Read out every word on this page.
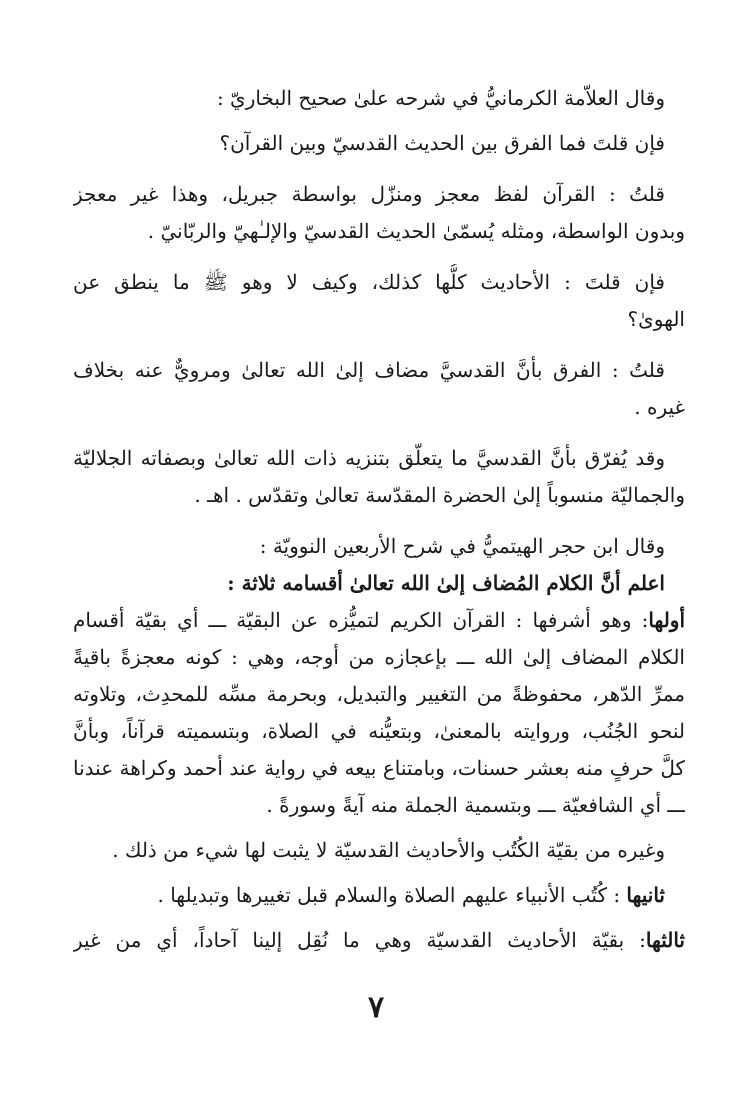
وقال العلاّمة الكرمانيُّ في شرحه علىٰ صحيح البخاريّ :

فإن قلتَ فما الفرق بين الحديث القدسيّ وبين القرآن؟

قلتُ : القرآن لفظ معجز ومنزّل بواسطة جبريل، وهذا غير معجز
وبدون الواسطة، ومثله يُسمّىٰ الحديث القدسيّ والإلـٰهيّ والربّانيّ .

فإن قلتَ : الأحاديث كلُّها كذلك، وكيف لا وهو ﷺ ما ينطق عن
الهوىٰ؟

قلتُ : الفرق بأنَّ القدسيَّ مضاف إلىٰ الله تعالىٰ ومرويٌّ عنه بخلاف
غيره .

وقد يُفرّق بأنَّ القدسيَّ ما يتعلّق بتنزيه ذات الله تعالىٰ وبصفاته الجلاليّة
والجماليّة منسوباً إلىٰ الحضرة المقدّسة تعالىٰ وتقدّس . اهـ .

وقال ابن حجر الهيتميُّ في شرح الأربعين النوويّة :

اعلم أنَّ الكلام المُضاف إلىٰ الله تعالىٰ أقسامه ثلاثة :

أولها: وهو أشرفها : القرآن الكريم لتميُّزه عن البقيّة ـــ أي بقيّة أقسام
الكلام المضاف إلىٰ الله ـــ بإعجازه من أوجه، وهي : كونه معجزةً باقيةً
ممرِّ الدّهر، محفوظةً من التغيير والتبديل، وبحرمة مسِّه للمحدِث، وتلاوته
لنحو الجُنُب، وروايته بالمعنىٰ، وبتعيُّنه في الصلاة، وبتسميته قرآناً، وبأنَّ
كلَّ حرفٍ منه بعشر حسنات، وبامتناع بيعه في رواية عند أحمد وكراهة عندنا
ـــ أي الشافعيّة ـــ وبتسمية الجملة منه آيةً وسورةً .

وغيره من بقيّة الكُتُب والأحاديث القدسيّة لا يثبت لها شيء من ذلك .

ثانيها : كُتُب الأنبياء عليهم الصلاة والسلام قبل تغييرها وتبديلها .

ثالثها: بقيّة الأحاديث القدسيّة وهي ما نُقِل إلينا آحاداً، أي من غير

٧
